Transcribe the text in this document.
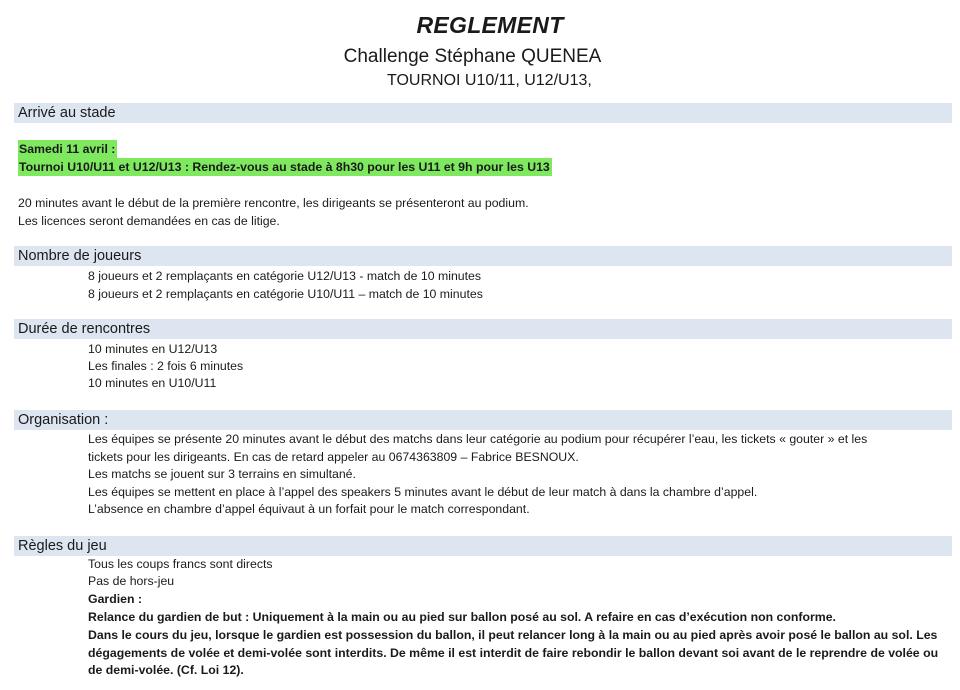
REGLEMENT
Challenge Stéphane QUENEA
TOURNOI U10/11, U12/U13,
Arrivé au stade
Samedi 11 avril :
Tournoi U10/U11 et U12/U13 : Rendez-vous au stade à 8h30 pour les U11 et 9h pour les U13
20 minutes avant le début de la première rencontre, les dirigeants se présenteront au podium.
Les licences seront demandées en cas de litige.
Nombre de joueurs
8 joueurs et 2 remplaçants en catégorie U12/U13 - match de 10 minutes
8 joueurs et 2 remplaçants en catégorie U10/U11 – match de 10 minutes
Durée de rencontres
10 minutes en U12/U13
Les finales : 2 fois 6 minutes
10 minutes en U10/U11
Organisation :
Les équipes se présente 20 minutes avant le début des matchs dans leur catégorie au podium pour récupérer l’eau, les tickets « gouter » et les
tickets pour les dirigeants. En cas de retard appeler au 0674363809 – Fabrice BESNOUX.
Les matchs se jouent sur 3 terrains en simultané.
Les équipes se mettent en place à l’appel des speakers 5 minutes avant le début de leur match à dans la chambre d’appel.
L’absence en chambre d’appel équivaut à un forfait pour le match correspondant.
Règles du jeu
Tous les coups francs sont directs
Pas de hors-jeu
Gardien :
Relance du gardien de but : Uniquement à la main ou au pied sur ballon posé au sol. A refaire en cas d’exécution non conforme.
Dans le cours du jeu, lorsque le gardien est possession du ballon, il peut relancer long à la main ou au pied après avoir posé le ballon au sol. Les
dégagements de volée et demi-volée sont interdits. De même il est interdit de faire rebondir le ballon devant soi avant de le reprendre de volée ou
de demi-volée. (Cf. Loi 12).
